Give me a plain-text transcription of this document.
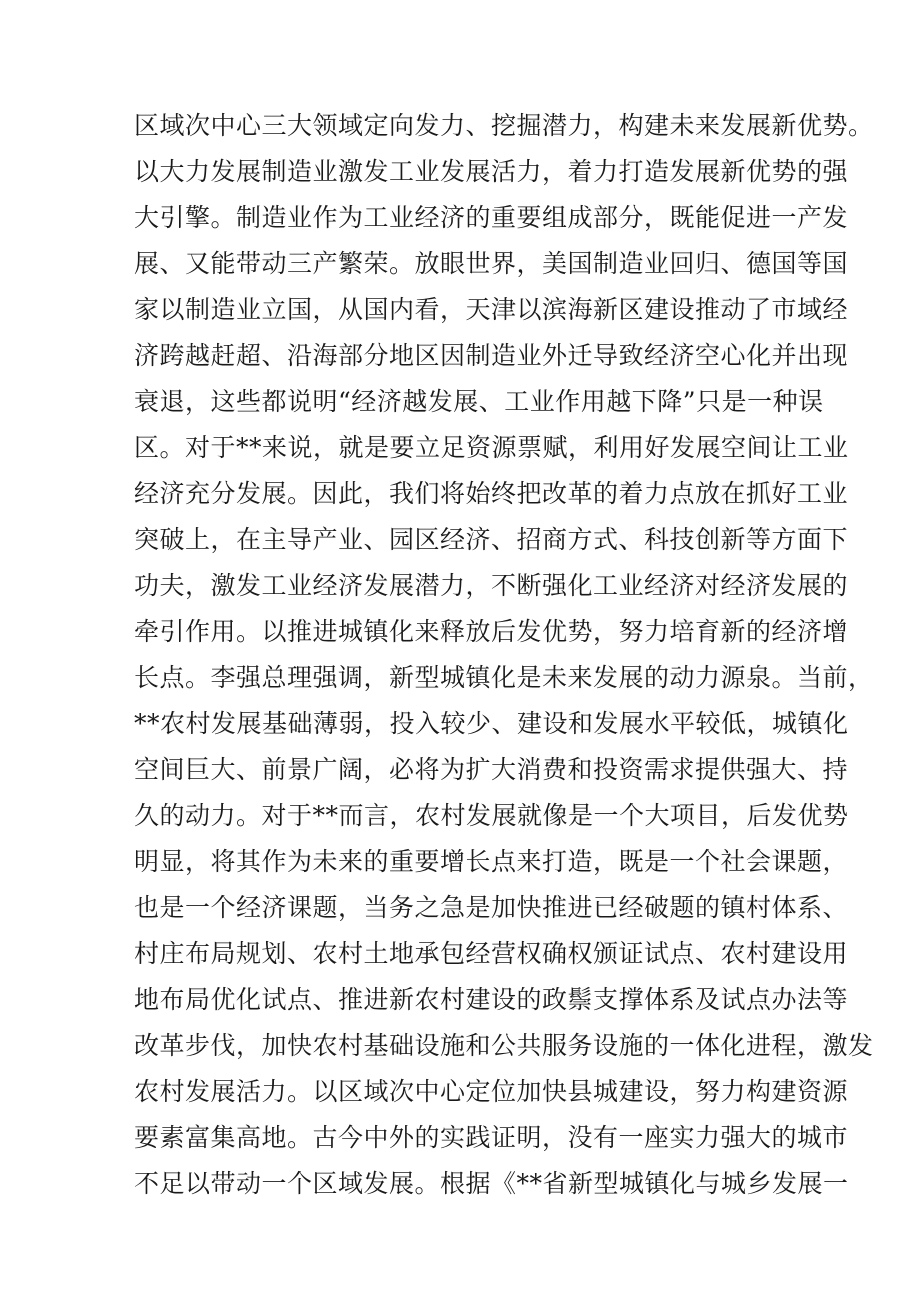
区域次中心三大领域定向发力、挖掘潜力，构建未来发展新优势。
以大力发展制造业激发工业发展活力，着力打造发展新优势的强
大引擎。制造业作为工业经济的重要组成部分，既能促进一产发
展、又能带动三产繁荣。放眼世界，美国制造业回归、德国等国
家以制造业立国，从国内看，天津以滨海新区建设推动了市域经
济跨越赶超、沿海部分地区因制造业外迁导致经济空心化并出现
衰退，这些都说明“经济越发展、工业作用越下降”只是一种误
区。对于**来说，就是要立足资源票赋，利用好发展空间让工业
经济充分发展。因此，我们将始终把改革的着力点放在抓好工业
突破上，在主导产业、园区经济、招商方式、科技创新等方面下
功夫，激发工业经济发展潜力，不断强化工业经济对经济发展的
牵引作用。以推进城镇化来释放后发优势，努力培育新的经济增
长点。李强总理强调，新型城镇化是未来发展的动力源泉。当前，
**农村发展基础薄弱，投入较少、建设和发展水平较低，城镇化
空间巨大、前景广阔，必将为扩大消费和投资需求提供强大、持
久的动力。对于**而言，农村发展就像是一个大项目，后发优势
明显，将其作为未来的重要增长点来打造，既是一个社会课题，
也是一个经济课题，当务之急是加快推进已经破题的镇村体系、
村庄布局规划、农村土地承包经营权确权颁证试点、农村建设用
地布局优化试点、推进新农村建设的政鬃支撑体系及试点办法等
改革步伐，加快农村基础设施和公共服务设施的一体化进程，激发
农村发展活力。以区域次中心定位加快县城建设，努力构建资源
要素富集高地。古今中外的实践证明，没有一座实力强大的城市
不足以带动一个区域发展。根据《**省新型城镇化与城乡发展一
